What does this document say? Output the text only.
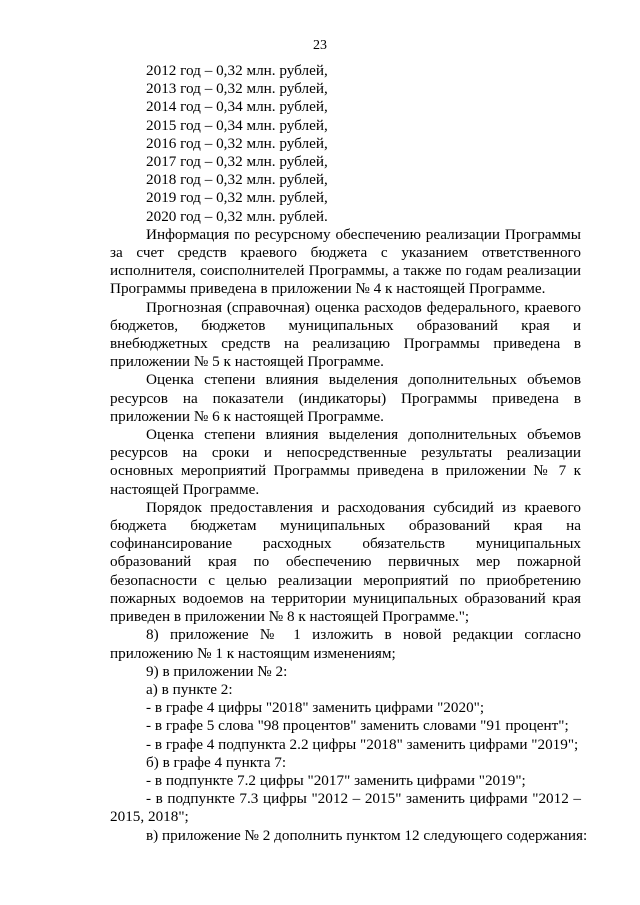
23

2012 год – 0,32 млн. рублей,

2013 год – 0,32 млн. рублей,

2014 год – 0,34 млн. рублей,

2015 год – 0,34 млн. рублей,

2016 год – 0,32 млн. рублей,

2017 год – 0,32 млн. рублей,

2018 год – 0,32 млн. рублей,

2019 год – 0,32 млн. рублей,

2020 год – 0,32 млн. рублей.

Информация по ресурсному обеспечению реализации Программы за счет средств краевого бюджета с указанием ответственного исполнителя, соисполнителей Программы, а также по годам реализации Программы приведена в приложении № 4 к настоящей Программе.

Прогнозная (справочная) оценка расходов федерального, краевого бюджетов, бюджетов муниципальных образований края и внебюджетных средств на реализацию Программы приведена в приложении № 5 к настоящей Программе.

Оценка степени влияния выделения дополнительных объемов ресурсов на показатели (индикаторы) Программы приведена в приложении № 6 к настоящей Программе.

Оценка степени влияния выделения дополнительных объемов ресурсов на сроки и непосредственные результаты реализации основных мероприятий Программы приведена в приложении № 7 к настоящей Программе.

Порядок предоставления и расходования субсидий из краевого бюджета бюджетам муниципальных образований края на софинансирование расходных обязательств муниципальных образований края по обеспечению первичных мер пожарной безопасности с целью реализации мероприятий по приобретению пожарных водоемов на территории муниципальных образований края приведен в приложении № 8 к настоящей Программе.";

8) приложение № 1 изложить в новой редакции согласно приложению № 1 к настоящим изменениям;

9) в приложении № 2:

а) в пункте 2:

- в графе 4 цифры "2018" заменить цифрами "2020";

- в графе 5 слова "98 процентов" заменить словами "91 процент";

- в графе 4 подпункта 2.2 цифры "2018" заменить цифрами "2019";

б) в графе 4 пункта 7:

- в подпункте 7.2 цифры "2017" заменить цифрами "2019";

- в подпункте 7.3 цифры "2012 – 2015" заменить цифрами "2012 – 2015, 2018";

в) приложение № 2 дополнить пунктом 12 следующего содержания:
